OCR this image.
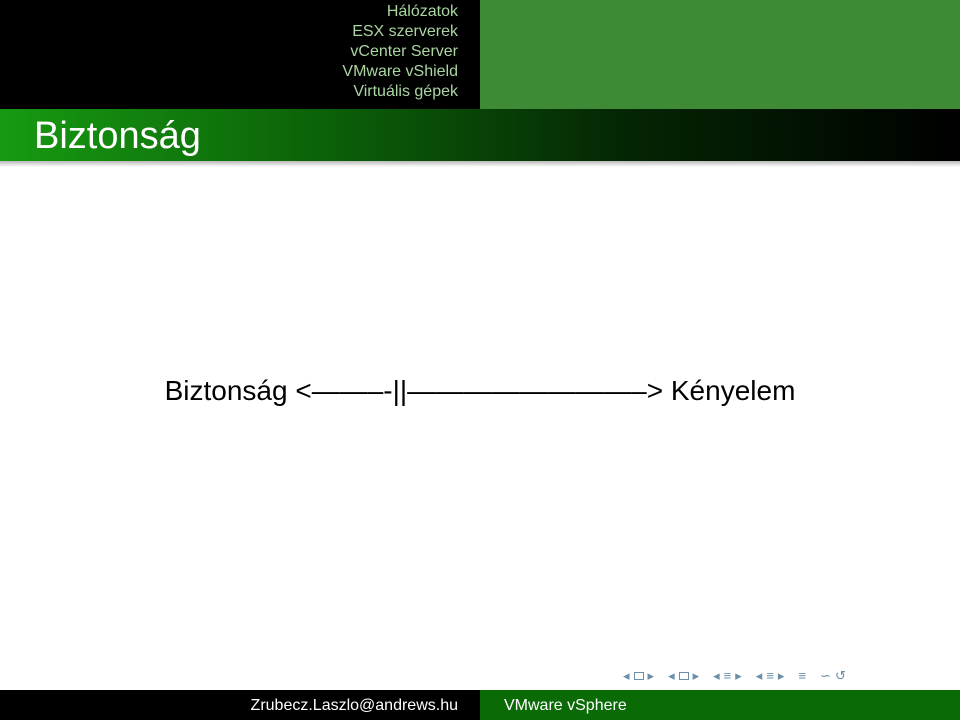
Hálózatok
ESX szerverek
vCenter Server
VMware vShield
Virtuális gépek
Biztonság
Biztonság <——–-||————————–> Kényelem
◂ ▸ ◂ ▸ ◂ ≡ ▸ ◂ ≡ ▸ ≡ ∽ ↺
Zrubecz.Laszlo@andrews.hu	VMware vSphere
